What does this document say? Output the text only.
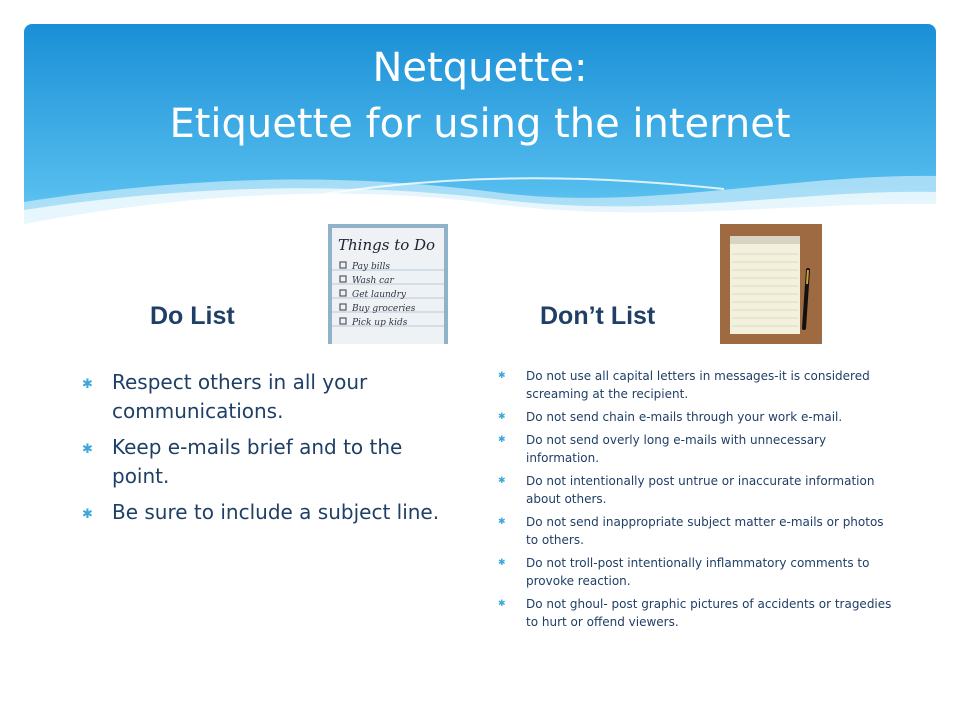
Netquette:
Etiquette for using the internet
Things to Do
Pay bills
Wash car
Get laundry
Buy groceries
Pick up kids
Do List	Don’t List
✱ Respect others in all your communications.
✱ Keep e-mails brief and to the point.
✱ Be sure to include a subject line.
✱ Do not use all capital letters in messages-it is considered screaming at the recipient.
✱ Do not send chain e-mails through your work e-mail.
✱ Do not send overly long e-mails with unnecessary information.
✱ Do not intentionally post untrue or inaccurate information about others.
✱ Do not send inappropriate subject matter e-mails or photos to others.
✱ Do not troll-post intentionally inflammatory comments to provoke reaction.
✱ Do not ghoul- post graphic pictures of accidents or tragedies to hurt or offend viewers.
